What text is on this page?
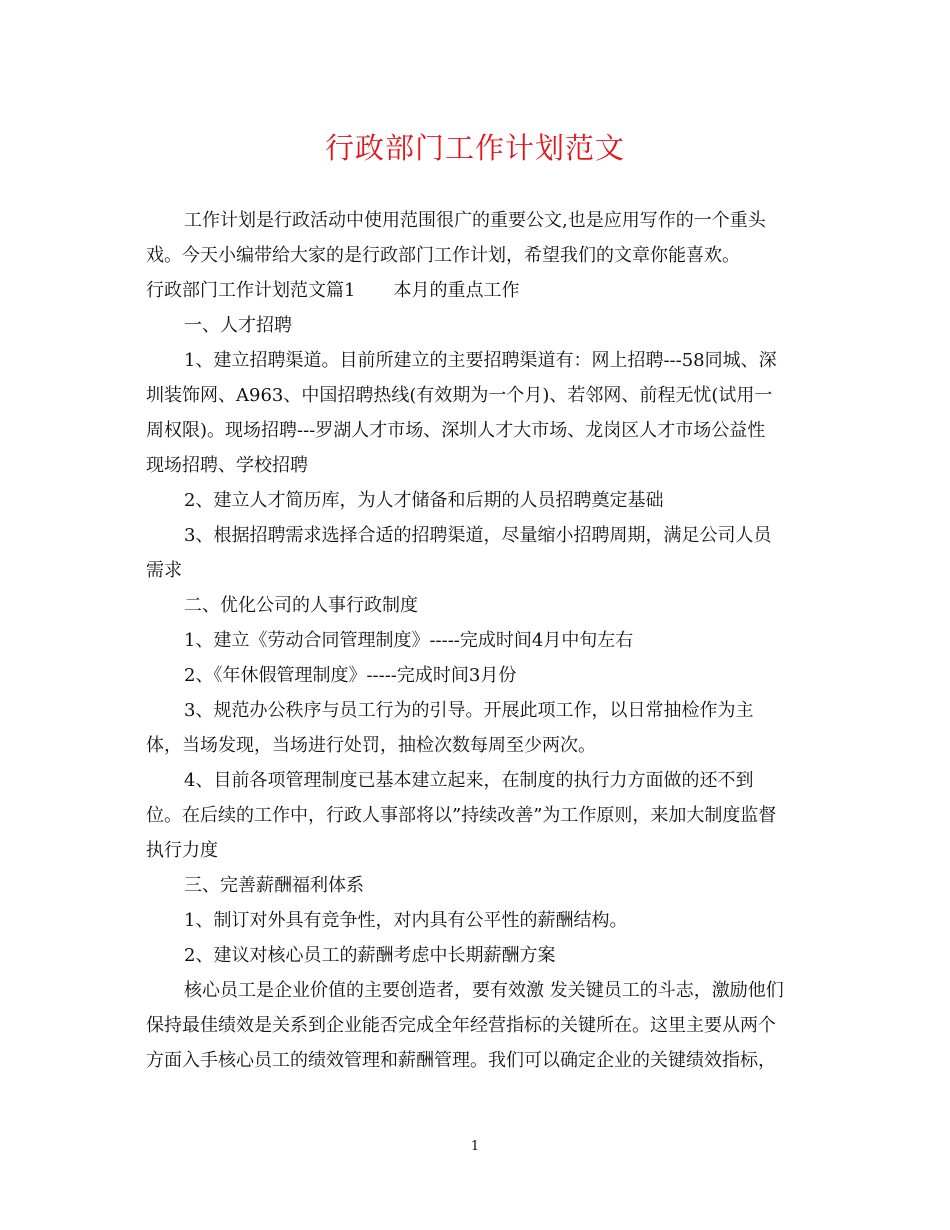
行政部门工作计划范文

工作计划是行政活动中使用范围很广的重要公文,也是应用写作的一个重头
戏。今天小编带给大家的是行政部门工作计划，希望我们的文章你能喜欢。

行政部门工作计划范文篇1 本月的重点工作

一、人才招聘

1、建立招聘渠道。目前所建立的主要招聘渠道有：网上招聘---58同城、深
圳装饰网、A963、中国招聘热线(有效期为一个月)、若邻网、前程无忧(试用一
周权限)。现场招聘---罗湖人才市场、深圳人才大市场、龙岗区人才市场公益性
现场招聘、学校招聘

2、建立人才简历库，为人才储备和后期的人员招聘奠定基础

3、根据招聘需求选择合适的招聘渠道，尽量缩小招聘周期，满足公司人员
需求

二、优化公司的人事行政制度

1、建立《劳动合同管理制度》-----完成时间4月中旬左右

2、《年休假管理制度》-----完成时间3月份

3、规范办公秩序与员工行为的引导。开展此项工作，以日常抽检作为主
体，当场发现，当场进行处罚，抽检次数每周至少两次。

4、目前各项管理制度已基本建立起来，在制度的执行力方面做的还不到
位。在后续的工作中，行政人事部将以”持续改善”为工作原则，来加大制度监督
执行力度

三、完善薪酬福利体系

1、制订对外具有竞争性，对内具有公平性的薪酬结构。

2、建议对核心员工的薪酬考虑中长期薪酬方案

核心员工是企业价值的主要创造者，要有效激 发关键员工的斗志，激励他们
保持最佳绩效是关系到企业能否完成全年经营指标的关键所在。这里主要从两个
方面入手核心员工的绩效管理和薪酬管理。我们可以确定企业的关键绩效指标，

1
